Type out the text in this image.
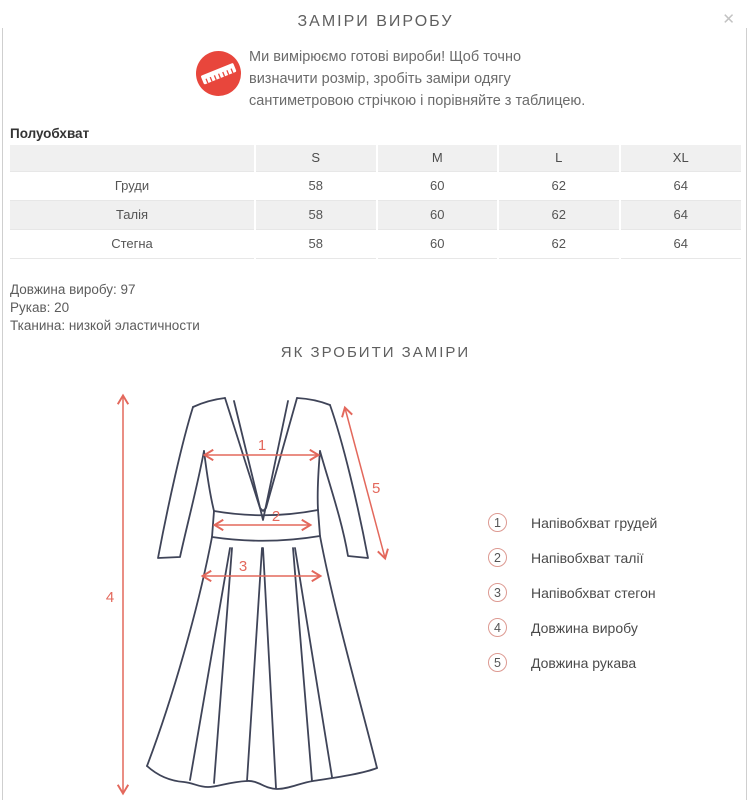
ЗАМІРИ ВИРОБУ	✕
Ми вимірюємо готові вироби! Щоб точно
визначити розмір, зробіть заміри одягу
сантиметровою стрічкою і порівняйте з таблицею.
Полуобхват
	S	M	L	XL
Груди	58	60	62	64
Талія	58	60	62	64
Стегна	58	60	62	64
Довжина виробу: 97
Рукав: 20
Тканина: низкой эластичности
ЯК ЗРОБИТИ ЗАМІРИ
1
2
3
4
5
1	Напівобхват грудей
2	Напівобхват талії
3	Напівобхват стегон
4	Довжина виробу
5	Довжина рукава
